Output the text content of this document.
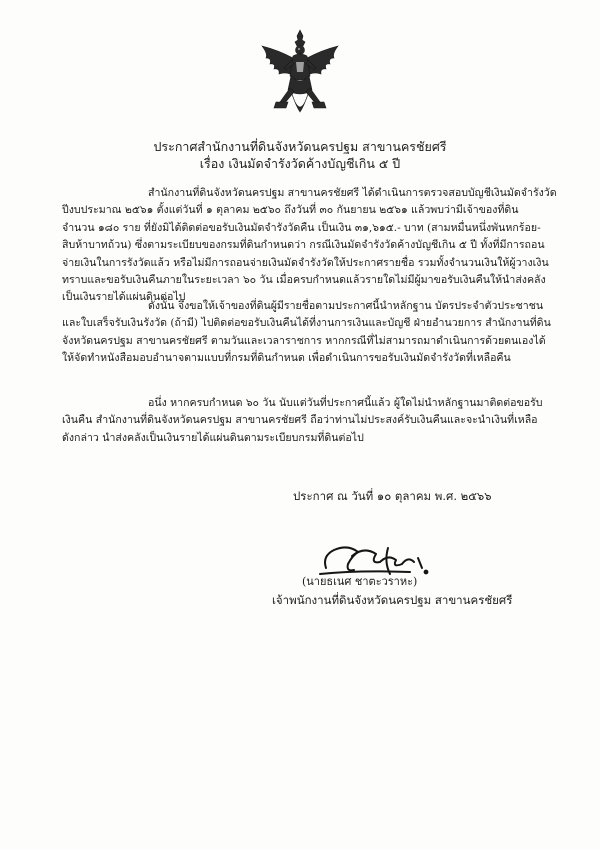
ประกาศสำนักงานที่ดินจังหวัดนครปฐม สาขานครชัยศรี
เรื่อง เงินมัดจำรังวัดค้างบัญชีเกิน ๕ ปี
สำนักงานที่ดินจังหวัดนครปฐม สาขานครชัยศรี ได้ดำเนินการตรวจสอบบัญชีเงินมัดจำรังวัด
ปีงบประมาณ ๒๕๖๑ ตั้งแต่วันที่ ๑ ตุลาคม ๒๕๖๐ ถึงวันที่ ๓๐ กันยายน ๒๕๖๑ แล้วพบว่ามีเจ้าของที่ดิน
จำนวน ๑๘๐ ราย ที่ยังมิได้ติดต่อขอรับเงินมัดจำรังวัดคืน เป็นเงิน ๓๑,๖๑๕.- บาท (สามหมื่นหนึ่งพันหกร้อย-
สิบห้าบาทถ้วน) ซึ่งตามระเบียบของกรมที่ดินกำหนดว่า กรณีเงินมัดจำรังวัดค้างบัญชีเกิน ๕ ปี ทั้งที่มีการถอน
จ่ายเงินในการรังวัดแล้ว หรือไม่มีการถอนจ่ายเงินมัดจำรังวัดให้ประกาศรายชื่อ รวมทั้งจำนวนเงินให้ผู้วางเงิน
ทราบและขอรับเงินคืนภายในระยะเวลา ๖๐ วัน เมื่อครบกำหนดแล้วรายใดไม่มีผู้มาขอรับเงินคืนให้นำส่งคลัง
เป็นเงินรายได้แผ่นดินต่อไป
ดังนั้น จึงขอให้เจ้าของที่ดินผู้มีรายชื่อตามประกาศนี้นำหลักฐาน บัตรประจำตัวประชาชน
และใบเสร็จรับเงินรังวัด (ถ้ามี) ไปติดต่อขอรับเงินคืนได้ที่งานการเงินและบัญชี ฝ่ายอำนวยการ สำนักงานที่ดิน
จังหวัดนครปฐม สาขานครชัยศรี ตามวันและเวลาราชการ หากกรณีที่ไม่สามารถมาดำเนินการด้วยตนเองได้
ให้จัดทำหนังสือมอบอำนาจตามแบบที่กรมที่ดินกำหนด เพื่อดำเนินการขอรับเงินมัดจำรังวัดที่เหลือคืน
อนึ่ง หากครบกำหนด ๖๐ วัน นับแต่วันที่ประกาศนี้แล้ว ผู้ใดไม่นำหลักฐานมาติดต่อขอรับ
เงินคืน สำนักงานที่ดินจังหวัดนครปฐม สาขานครชัยศรี ถือว่าท่านไม่ประสงค์รับเงินคืนและจะนำเงินที่เหลือ
ดังกล่าว นำส่งคลังเป็นเงินรายได้แผ่นดินตามระเบียบกรมที่ดินต่อไป
ประกาศ ณ วันที่ ๑๐ ตุลาคม พ.ศ. ๒๕๖๖
(นายธเนศ ชาตะวราหะ)
เจ้าพนักงานที่ดินจังหวัดนครปฐม สาขานครชัยศรี
